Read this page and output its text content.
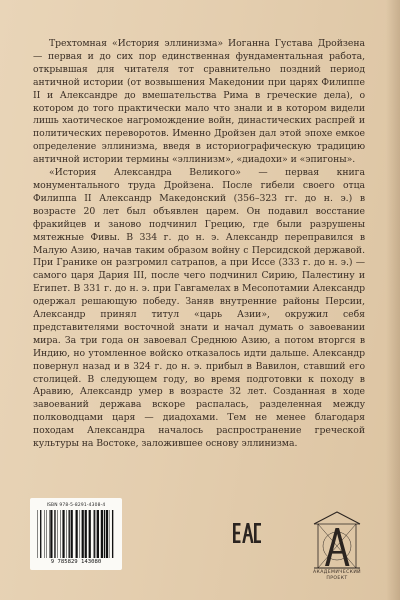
Трехтомная «История эллинизма» Иоганна Густава Дройзена — первая и до сих пор единственная фундаментальная работа, открывшая для читателя тот сравнительно поздний период античной истории (от возвышения Македонии при царях Филиппе II и Александре до вмешательства Рима в греческие дела), о котором до того практически мало что знали и в котором видели лишь хаотическое нагромождение войн, династических распрей и политических переворотов. Именно Дройзен дал этой эпохе емкое определение эллинизма, введя в историографическую традицию античной истории термины «эллинизм», «диадохи» и «эпигоны».

«История Александра Великого» — первая книга монументального труда Дройзена. После гибели своего отца Филиппа II Александр Македонский (356–323 гг. до н. э.) в возрасте 20 лет был объявлен царем. Он подавил восстание фракийцев и заново подчинил Грецию, где были разрушены мятежные Фивы. В 334 г. до н. э. Александр переправился в Малую Азию, начав таким образом войну с Персидской державой. При Гранике он разгромил сатрапов, а при Иссе (333 г. до н. э.) — самого царя Дария III, после чего подчинил Сирию, Палестину и Египет. В 331 г. до н. э. при Гавгамелах в Месопотамии Александр одержал решающую победу. Заняв внутренние районы Персии, Александр принял титул «царь Азии», окружил себя представителями восточной знати и начал думать о завоевании мира. За три года он завоевал Среднюю Азию, а потом вторгся в Индию, но утомленное войско отказалось идти дальше. Александр повернул назад и в 324 г. до н. э. прибыл в Вавилон, ставший его столицей. В следующем году, во время подготовки к походу в Аравию, Александр умер в возрасте 32 лет. Созданная в ходе завоеваний держава вскоре распалась, разделенная между полководцами царя — диадохами. Тем не менее благодаря походам Александра началось распространение греческой культуры на Востоке, заложившее основу эллинизма.

ISBN 978-5-8291-4308-4
9 785829 143080
АКАДЕМИЧЕСКИЙ
ПРОЕКТ
